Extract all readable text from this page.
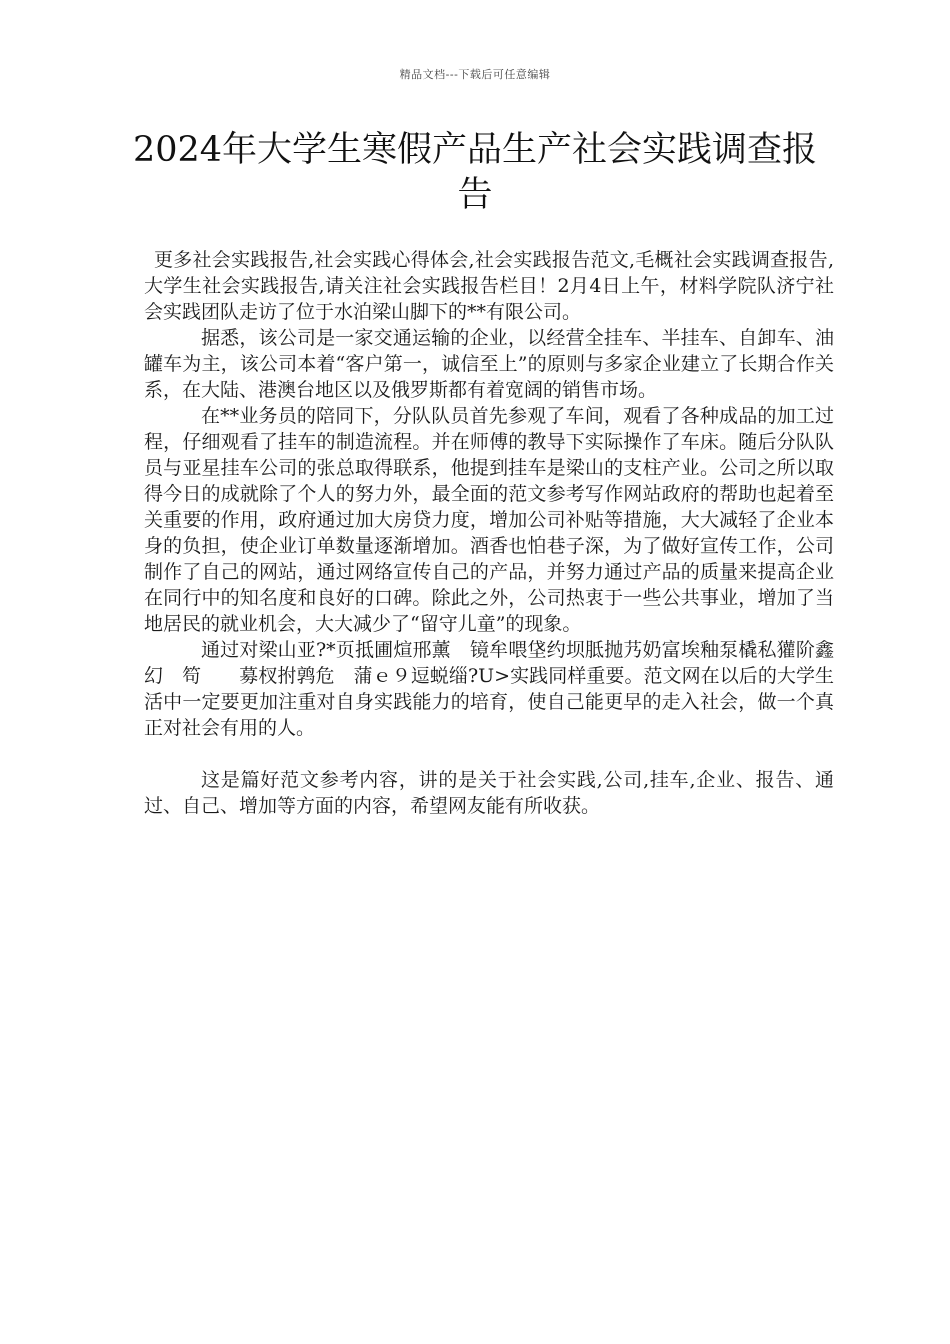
精品文档---下载后可任意编辑
2024年大学生寒假产品生产社会实践调查报告

更多社会实践报告,社会实践心得体会,社会实践报告范文,毛概社会实践调查报告,大学生社会实践报告,请关注社会实践报告栏目！2月4日上午，材料学院队济宁社会实践团队走访了位于水泊梁山脚下的**有限公司。

据悉，该公司是一家交通运输的企业，以经营全挂车、半挂车、自卸车、油罐车为主，该公司本着“客户第一，诚信至上”的原则与多家企业建立了长期合作关系，在大陆、港澳台地区以及俄罗斯都有着宽阔的销售市场。

在**业务员的陪同下，分队队员首先参观了车间，观看了各种成品的加工过程，仔细观看了挂车的制造流程。并在师傅的教导下实际操作了车床。随后分队队员与亚星挂车公司的张总取得联系，他提到挂车是梁山的支柱产业。公司之所以取得今日的成就除了个人的努力外，最全面的范文参考写作网站政府的帮助也起着至关重要的作用，政府通过加大房贷力度，增加公司补贴等措施，大大减轻了企业本身的负担，使企业订单数量逐渐增加。酒香也怕巷子深，为了做好宣传工作，公司制作了自己的网站，通过网络宣传自己的产品，并努力通过产品的质量来提高企业在同行中的知名度和良好的口碑。除此之外，公司热衷于一些公共事业，增加了当地居民的就业机会，大大减少了“留守儿童”的现象。

通过对梁山亚?*页抵圃煊邢薰　镜牟喂垡约坝胝抛艿奶富埃釉泵橇私獾阶鑫　幻　笱　　募杈拊鹑危　蒲ｅ９逗蜕缁?U>实践同样重要。范文网在以后的大学生活中一定要更加注重对自身实践能力的培育，使自己能更早的走入社会，做一个真正对社会有用的人。

这是篇好范文参考内容，讲的是关于社会实践,公司,挂车,企业、报告、通过、自己、增加等方面的内容，希望网友能有所收获。
